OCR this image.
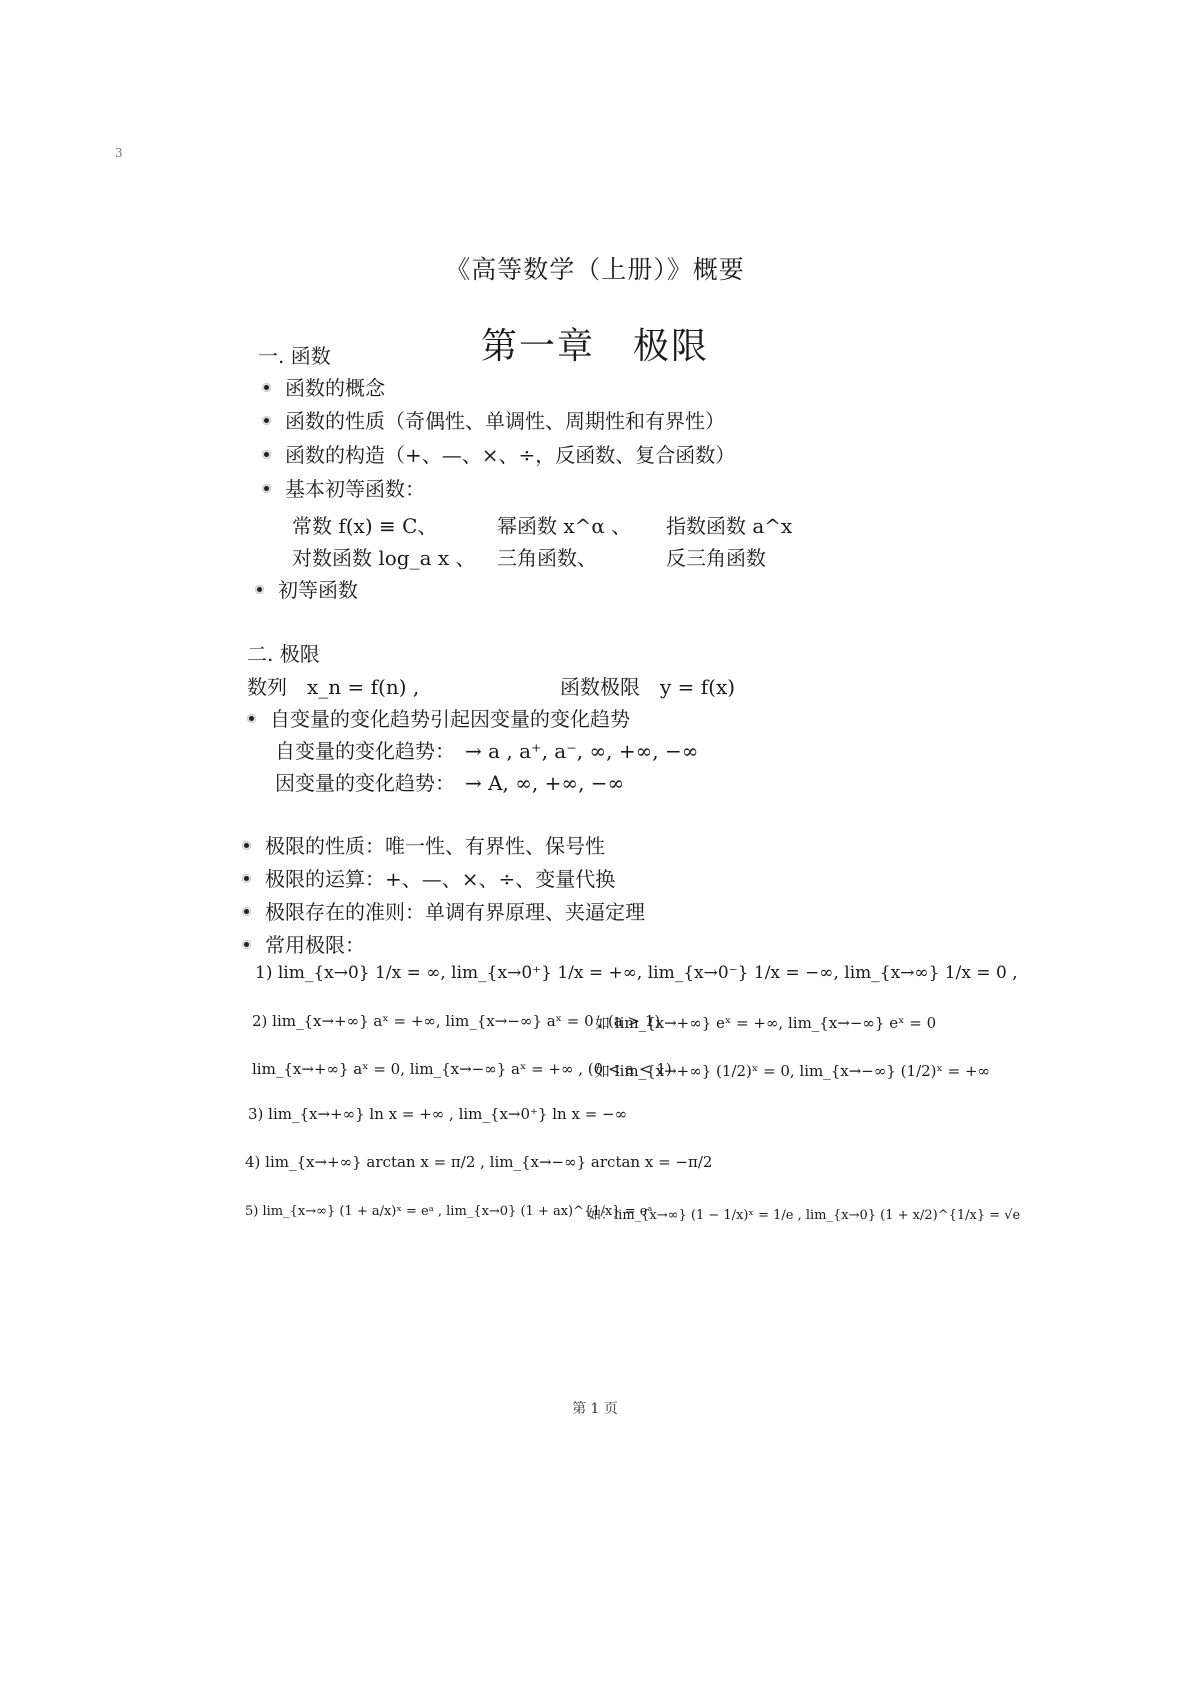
3
《高等数学（上册）》概要
第一章　极限
一. 函数
函数的概念
函数的性质（奇偶性、单调性、周期性和有界性）
函数的构造（+、—、×、÷，反函数、复合函数）
基本初等函数：
常数 f(x) ≡ C、	幂函数 x^α 、 指数函数 a^x
对数函数 log_a x 、 三角函数、	反三角函数
初等函数
二. 极限
数列　x_n = f(n) ,	函数极限　y = f(x)
自变量的变化趋势引起因变量的变化趋势
自变量的变化趋势：　→ a , a⁺, a⁻, ∞, +∞, −∞
因变量的变化趋势：　→ A, ∞, +∞, −∞
极限的性质：唯一性、有界性、保号性
极限的运算：+、—、×、÷、变量代换
极限存在的准则：单调有界原理、夹逼定理
常用极限：
1) lim_{x→0} 1/x = ∞, lim_{x→0⁺} 1/x = +∞, lim_{x→0⁻} 1/x = −∞, lim_{x→∞} 1/x = 0 ,
2) lim_{x→+∞} aˣ = +∞, lim_{x→−∞} aˣ = 0 , (a > 1)
如 lim_{x→+∞} eˣ = +∞, lim_{x→−∞} eˣ = 0
lim_{x→+∞} aˣ = 0, lim_{x→−∞} aˣ = +∞ , (0 < a < 1)
如 lim_{x→+∞} (1/2)ˣ = 0, lim_{x→−∞} (1/2)ˣ = +∞
3) lim_{x→+∞} ln x = +∞ , lim_{x→0⁺} ln x = −∞
4) lim_{x→+∞} arctan x = π/2 , lim_{x→−∞} arctan x = −π/2
5) lim_{x→∞} (1 + a/x)ˣ = eᵃ , lim_{x→0} (1 + ax)^{1/x} = eᵃ
如：lim_{x→∞} (1 − 1/x)ˣ = 1/e , lim_{x→0} (1 + x/2)^{1/x} = √e
第 1 页
